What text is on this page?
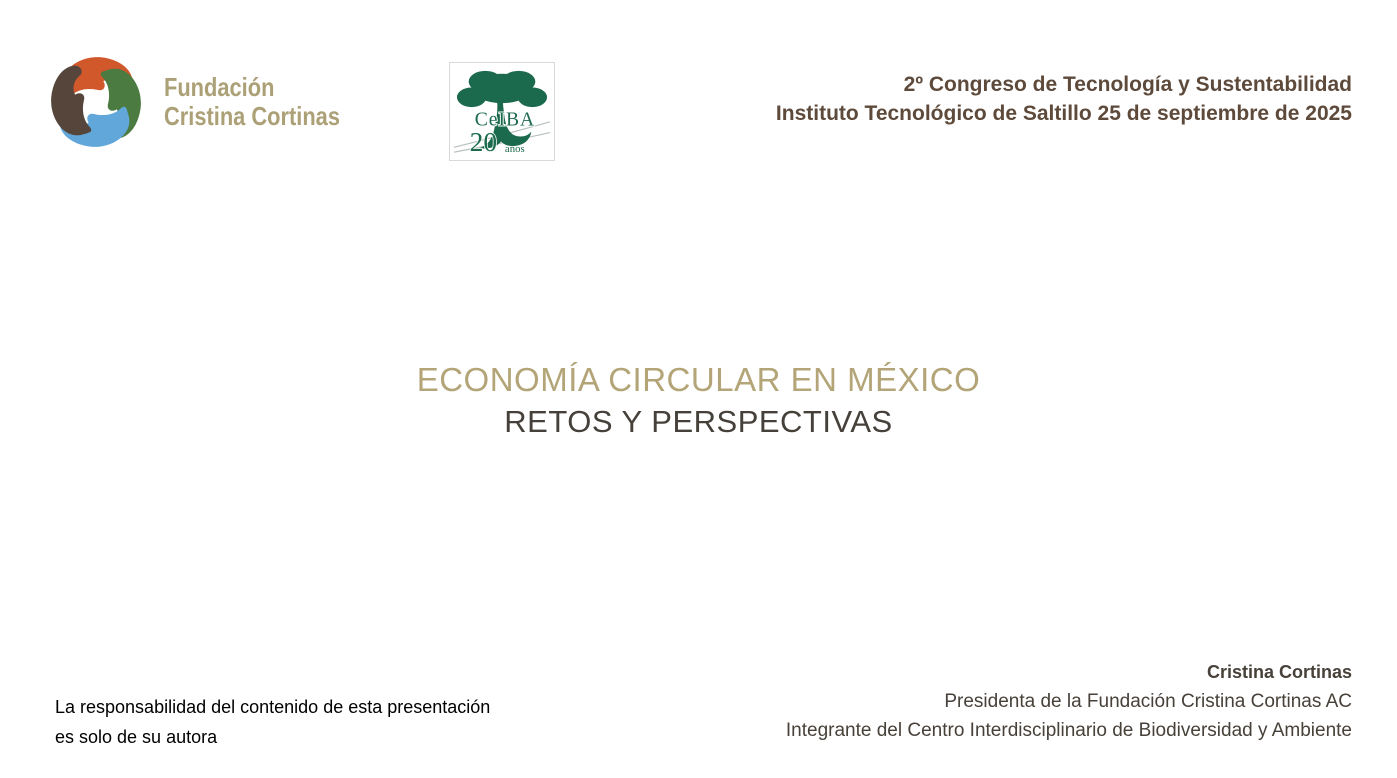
Fundación
Cristina Cortinas	CeIBA
20 años
2º Congreso de Tecnología y Sustentabilidad
Instituto Tecnológico de Saltillo 25 de septiembre de 2025
ECONOMÍA CIRCULAR EN MÉXICO
RETOS Y PERSPECTIVAS
La responsabilidad del contenido de esta presentación
es solo de su autora
Cristina Cortinas
Presidenta de la Fundación Cristina Cortinas AC
Integrante del Centro Interdisciplinario de Biodiversidad y Ambiente
